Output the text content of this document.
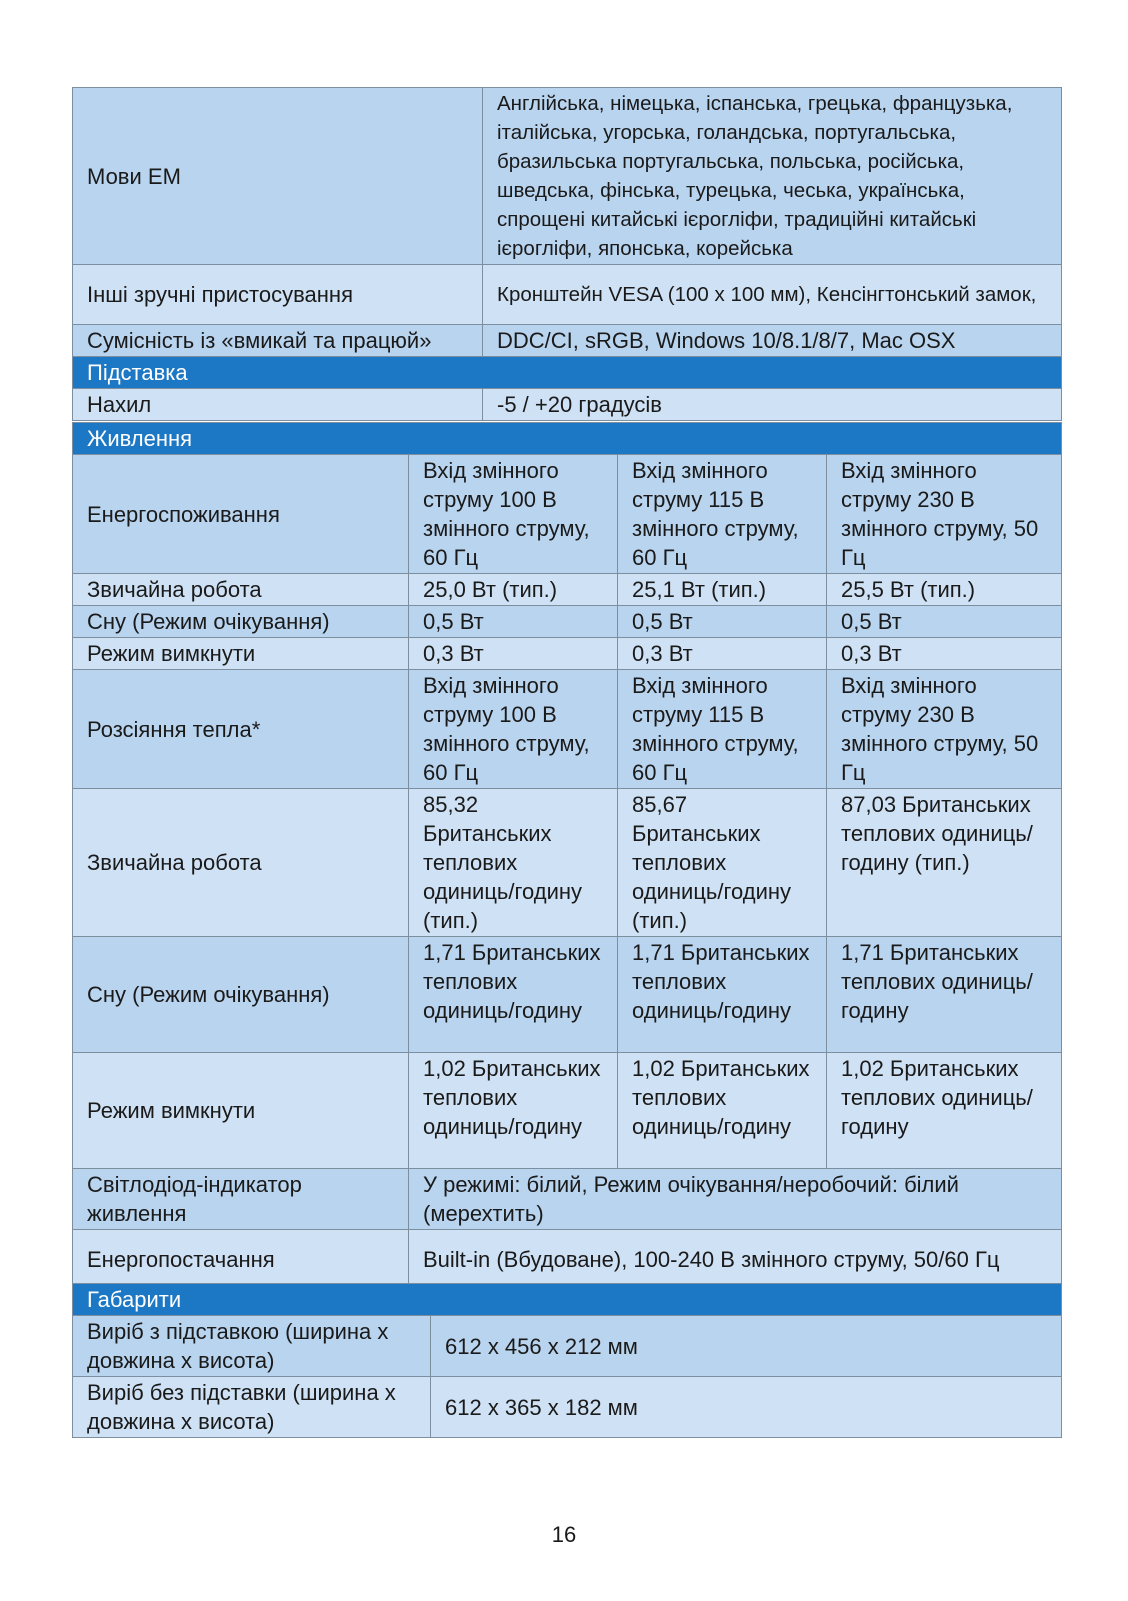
Мови ЕМ	Англійська, німецька, іспанська, грецька, французька, італійська, угорська, голандська, португальська, бразильська португальська, польська, російська, шведська, фінська, турецька, чеська, українська, спрощені китайські ієрогліфи, традиційні китайські ієрогліфи, японська, корейська
Інші зручні пристосування	Кронштейн VESA (100 x 100 мм), Кенсінгтонський замок,
Сумісність із «вмикай та працюй»	DDC/CI, sRGB, Windows 10/8.1/8/7, Mac OSX
Підставка	
Нахил	-5 / +20 градусів
Живлення			
Енергоспоживання	Вхід змінного струму 100 В змінного струму, 60 Гц	Вхід змінного струму 115 В змінного струму, 60 Гц	Вхід змінного струму 230 В змінного струму, 50 Гц
Звичайна робота	25,0 Вт (тип.)	25,1 Вт (тип.)	25,5 Вт (тип.)
Сну (Режим очікування)	0,5 Вт	0,5 Вт	0,5 Вт
Режим вимкнути	0,3 Вт	0,3 Вт	0,3 Вт
Розсіяння тепла*	Вхід змінного струму 100 В змінного струму, 60 Гц	Вхід змінного струму 115 В змінного струму, 60 Гц	Вхід змінного струму 230 В змінного струму, 50 Гц
Звичайна робота	85,32 Британських теплових одиниць/годину (тип.)	85,67 Британських теплових одиниць/годину (тип.)	87,03 Британських теплових одиниць/годину (тип.)
Сну (Режим очікування)	1,71 Британських теплових одиниць/годину	1,71 Британських теплових одиниць/годину	1,71 Британських теплових одиниць/годину
Режим вимкнути	1,02 Британських теплових одиниць/годину	1,02 Британських теплових одиниць/годину	1,02 Британських теплових одиниць/годину
Світлодіод-індикатор живлення	У режимі: білий, Режим очікування/неробочий: білий (мерехтить)		
Енергопостачання	Built-in (Вбудоване), 100-240 В змінного струму, 50/60 Гц		
Габарити	
Виріб з підставкою (ширина x довжина x висота)	612 x 456 x 212 мм
Виріб без підставки (ширина x довжина x висота)	612 x 365 x 182 мм
16
